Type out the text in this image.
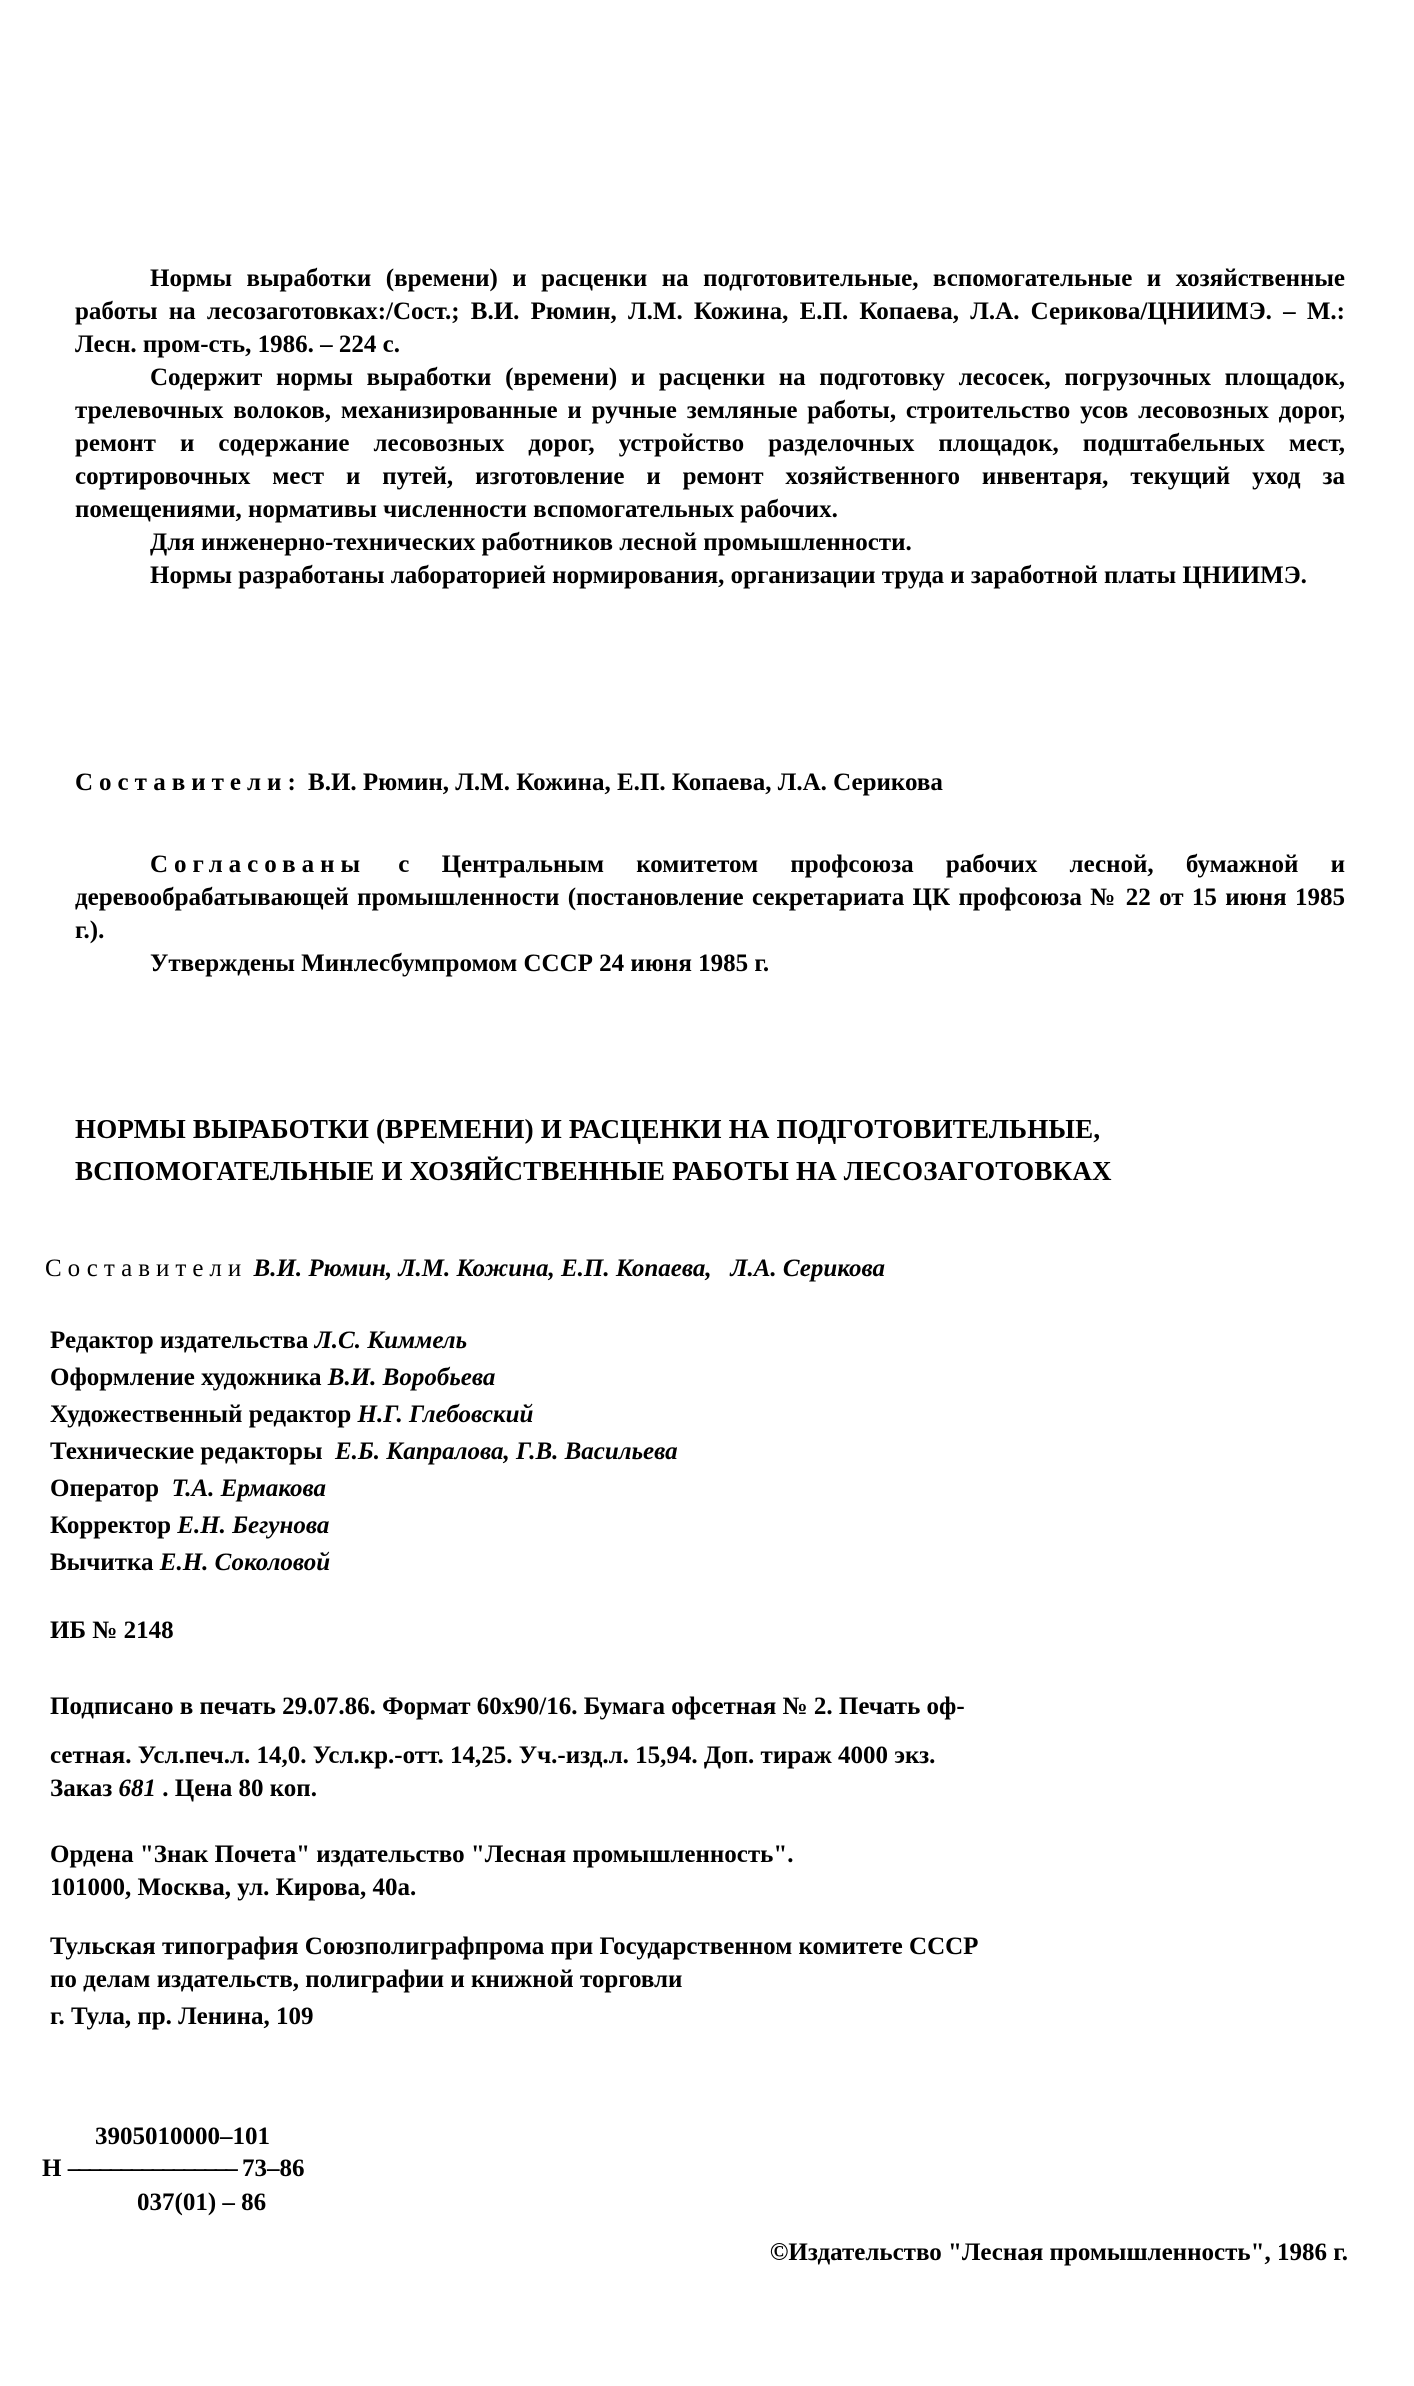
Нормы выработки (времени) и расценки на подготовительные, вспомогательные и хозяйственные работы на лесозаготовках:/Сост.; В.И. Рюмин, Л.М. Кожина, Е.П. Копаева, Л.А. Серикова/ЦНИИМЭ. – М.: Лесн. пром-сть, 1986. – 224 с.

Содержит нормы выработки (времени) и расценки на подготовку лесосек, погрузочных площадок, трелевочных волоков, механизированные и ручные земляные работы, строительство усов лесовозных дорог, ремонт и содержание лесовозных дорог, устройство разделочных площадок, подштабельных мест, сортировочных мест и путей, изготовление и ремонт хозяйственного инвентаря, текущий уход за помещениями, нормативы численности вспомогательных рабочих.

Для инженерно-технических работников лесной промышленности.

Нормы разработаны лабораторией нормирования, организации труда и заработной платы ЦНИИМЭ.

Составители: В.И. Рюмин, Л.М. Кожина, Е.П. Копаева, Л.А. Серикова

Согласованы с Центральным комитетом профсоюза рабочих лесной, бумажной и деревообрабатывающей промышленности (постановление секретариата ЦК профсоюза № 22 от 15 июня 1985 г.).

Утверждены Минлесбумпромом СССР 24 июня 1985 г.

НОРМЫ ВЫРАБОТКИ (ВРЕМЕНИ) И РАСЦЕНКИ НА ПОДГОТОВИТЕЛЬНЫЕ,
ВСПОМОГАТЕЛЬНЫЕ И ХОЗЯЙСТВЕННЫЕ РАБОТЫ НА ЛЕСОЗАГОТОВКАХ
Составители В.И. Рюмин, Л.М. Кожина, Е.П. Копаева,   Л.А. Серикова
Редактор издательства Л.С. Киммель
Оформление художника В.И. Воробьева
Художественный редактор Н.Г. Глебовский
Технические редакторы Е.Б. Капралова, Г.В. Васильева
Оператор Т.А. Ермакова
Корректор Е.Н. Бегунова
Вычитка Е.Н. Соколовой
ИБ № 2148
Подписано в печать 29.07.86. Формат 60x90/16. Бумага офсетная № 2. Печать оф-
сетная. Усл.печ.л. 14,0. Усл.кр.-отт. 14,25. Уч.-изд.л. 15,94. Доп. тираж 4000 экз.
Заказ 681 . Цена 80 коп.
Ордена "Знак Почета" издательство "Лесная промышленность".
101000, Москва, ул. Кирова, 40а.
Тульская типография Союзполиграфпрома при Государственном комитете СССР
по делам издательств, полиграфии и книжной торговли
г. Тула, пр. Ленина, 109
3905010000–101
Н –––––––––––––––– 73–86
037(01) – 86
©Издательство "Лесная промышленность", 1986 г.
